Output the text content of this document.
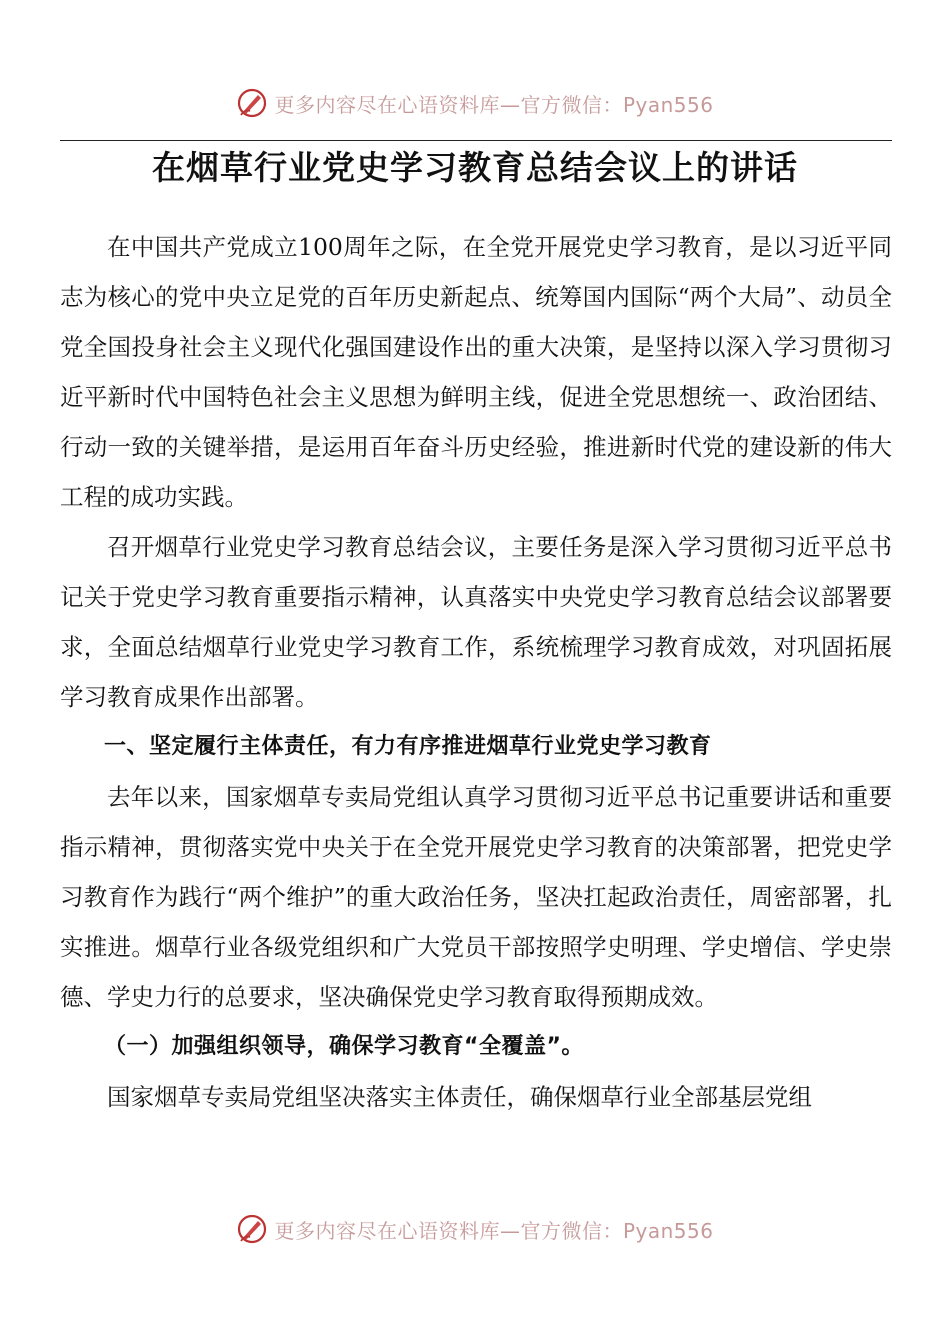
更多内容尽在心语资料库—官方微信：Pyan556
在烟草行业党史学习教育总结会议上的讲话

在中国共产党成立100周年之际，在全党开展党史学习教育，是以习近平同志为核心的党中央立足党的百年历史新起点、统筹国内国际“两个大局”、动员全党全国投身社会主义现代化强国建设作出的重大决策，是坚持以深入学习贯彻习近平新时代中国特色社会主义思想为鲜明主线，促进全党思想统一、政治团结、行动一致的关键举措，是运用百年奋斗历史经验，推进新时代党的建设新的伟大工程的成功实践。

召开烟草行业党史学习教育总结会议，主要任务是深入学习贯彻习近平总书记关于党史学习教育重要指示精神，认真落实中央党史学习教育总结会议部署要求，全面总结烟草行业党史学习教育工作，系统梳理学习教育成效，对巩固拓展学习教育成果作出部署。

一、坚定履行主体责任，有力有序推进烟草行业党史学习教育

去年以来，国家烟草专卖局党组认真学习贯彻习近平总书记重要讲话和重要指示精神，贯彻落实党中央关于在全党开展党史学习教育的决策部署，把党史学习教育作为践行“两个维护”的重大政治任务，坚决扛起政治责任，周密部署，扎实推进。烟草行业各级党组织和广大党员干部按照学史明理、学史增信、学史崇德、学史力行的总要求，坚决确保党史学习教育取得预期成效。

（一）加强组织领导，确保学习教育“全覆盖”。

国家烟草专卖局党组坚决落实主体责任，确保烟草行业全部基层党组

更多内容尽在心语资料库—官方微信：Pyan556
